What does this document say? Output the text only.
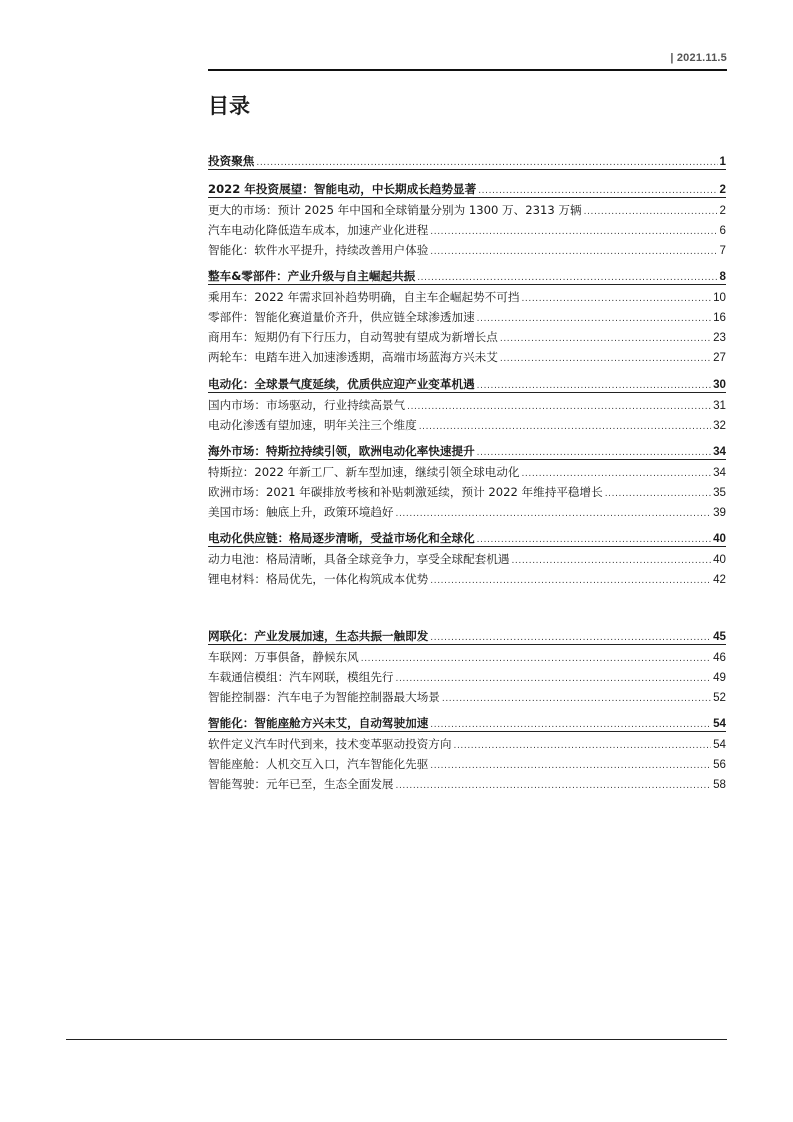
| 2021.11.5
目录
投资聚焦 .....	1
2022 年投资展望：智能电动，中长期成长趋势显著 .....	2
更大的市场：预计 2025 年中国和全球销量分别为 1300 万、2313 万辆 .....	2
汽车电动化降低造车成本，加速产业化进程 .....	6
智能化：软件水平提升，持续改善用户体验 .....	7
整车&零部件：产业升级与自主崛起共振 .....	8
乘用车：2022 年需求回补趋势明确，自主车企崛起势不可挡 .....	10
零部件：智能化赛道量价齐升，供应链全球渗透加速 .....	16
商用车：短期仍有下行压力，自动驾驶有望成为新增长点 .....	23
两轮车：电踏车进入加速渗透期，高端市场蓝海方兴未艾 .....	27
电动化：全球景气度延续，优质供应迎产业变革机遇 .....	30
国内市场：市场驱动，行业持续高景气 .....	31
电动化渗透有望加速，明年关注三个维度 .....	32
海外市场：特斯拉持续引领，欧洲电动化率快速提升 .....	34
特斯拉：2022 年新工厂、新车型加速，继续引领全球电动化 .....	34
欧洲市场：2021 年碳排放考核和补贴刺激延续，预计 2022 年维持平稳增长 .....	35
美国市场：触底上升，政策环境趋好 .....	39
电动化供应链：格局逐步清晰，受益市场化和全球化 .....	40
动力电池：格局清晰，具备全球竞争力，享受全球配套机遇 .....	40
锂电材料：格局优先，一体化构筑成本优势 .....	42
网联化：产业发展加速，生态共振一触即发 .....	45
车联网：万事俱备，静候东风 .....	46
车载通信模组：汽车网联，模组先行 .....	49
智能控制器：汽车电子为智能控制器最大场景 .....	52
智能化：智能座舱方兴未艾，自动驾驶加速 .....	54
软件定义汽车时代到来，技术变革驱动投资方向 .....	54
智能座舱：人机交互入口，汽车智能化先驱 .....	56
智能驾驶：元年已至，生态全面发展 .....	58
